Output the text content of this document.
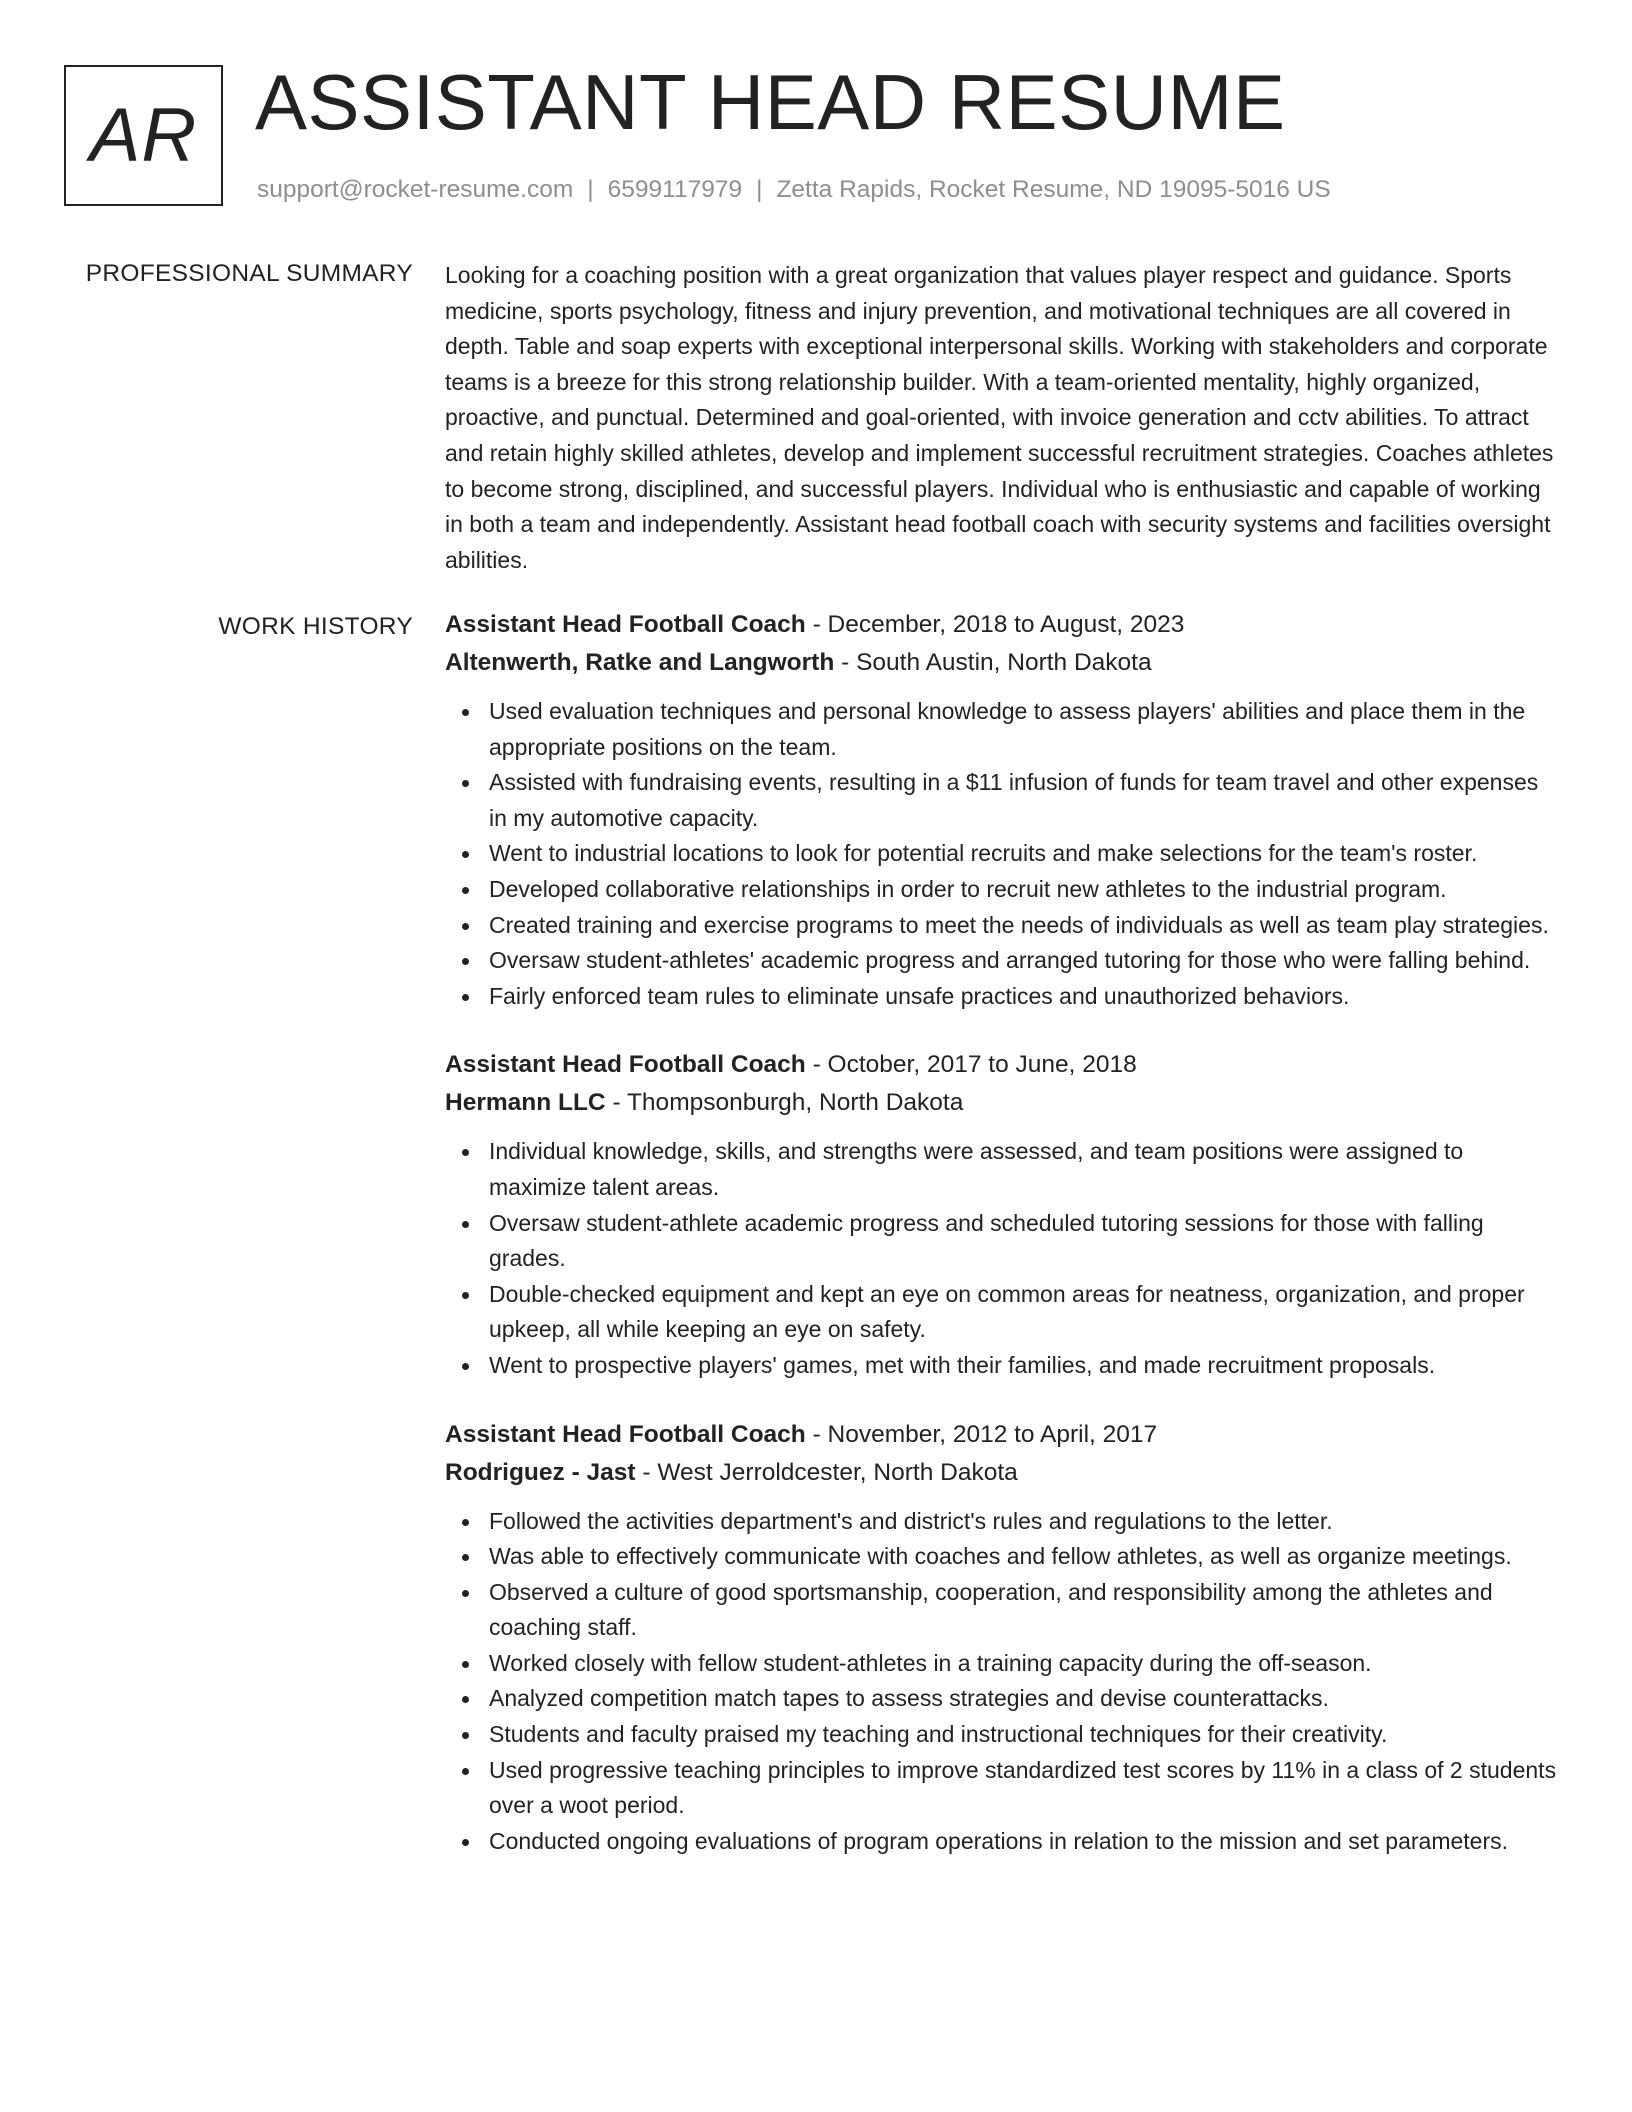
AR ASSISTANT HEAD RESUME
support@rocket-resume.com | 6599117979 | Zetta Rapids, Rocket Resume, ND 19095-5016 US
PROFESSIONAL SUMMARY Looking for a coaching position with a great organization that values player respect and guidance. Sports medicine, sports psychology, fitness and injury prevention, and motivational techniques are all covered in depth. Table and soap experts with exceptional interpersonal skills. Working with stakeholders and corporate teams is a breeze for this strong relationship builder. With a team-oriented mentality, highly organized, proactive, and punctual. Determined and goal-oriented, with invoice generation and cctv abilities. To attract and retain highly skilled athletes, develop and implement successful recruitment strategies. Coaches athletes to become strong, disciplined, and successful players. Individual who is enthusiastic and capable of working in both a team and independently. Assistant head football coach with security systems and facilities oversight abilities.

WORK HISTORY Assistant Head Football Coach - December, 2018 to August, 2023
Altenwerth, Ratke and Langworth - South Austin, North Dakota
Used evaluation techniques and personal knowledge to assess players' abilities and place them in the appropriate positions on the team.
Assisted with fundraising events, resulting in a $11 infusion of funds for team travel and other expenses in my automotive capacity.
Went to industrial locations to look for potential recruits and make selections for the team's roster.
Developed collaborative relationships in order to recruit new athletes to the industrial program.
Created training and exercise programs to meet the needs of individuals as well as team play strategies.
Oversaw student-athletes' academic progress and arranged tutoring for those who were falling behind.
Fairly enforced team rules to eliminate unsafe practices and unauthorized behaviors.
Assistant Head Football Coach - October, 2017 to June, 2018
Hermann LLC - Thompsonburgh, North Dakota
Individual knowledge, skills, and strengths were assessed, and team positions were assigned to maximize talent areas.
Oversaw student-athlete academic progress and scheduled tutoring sessions for those with falling grades.
Double-checked equipment and kept an eye on common areas for neatness, organization, and proper upkeep, all while keeping an eye on safety.
Went to prospective players' games, met with their families, and made recruitment proposals.
Assistant Head Football Coach - November, 2012 to April, 2017
Rodriguez - Jast - West Jerroldcester, North Dakota
Followed the activities department's and district's rules and regulations to the letter.
Was able to effectively communicate with coaches and fellow athletes, as well as organize meetings.
Observed a culture of good sportsmanship, cooperation, and responsibility among the athletes and coaching staff.
Worked closely with fellow student-athletes in a training capacity during the off-season.
Analyzed competition match tapes to assess strategies and devise counterattacks.
Students and faculty praised my teaching and instructional techniques for their creativity.
Used progressive teaching principles to improve standardized test scores by 11% in a class of 2 students over a woot period.
Conducted ongoing evaluations of program operations in relation to the mission and set parameters.
